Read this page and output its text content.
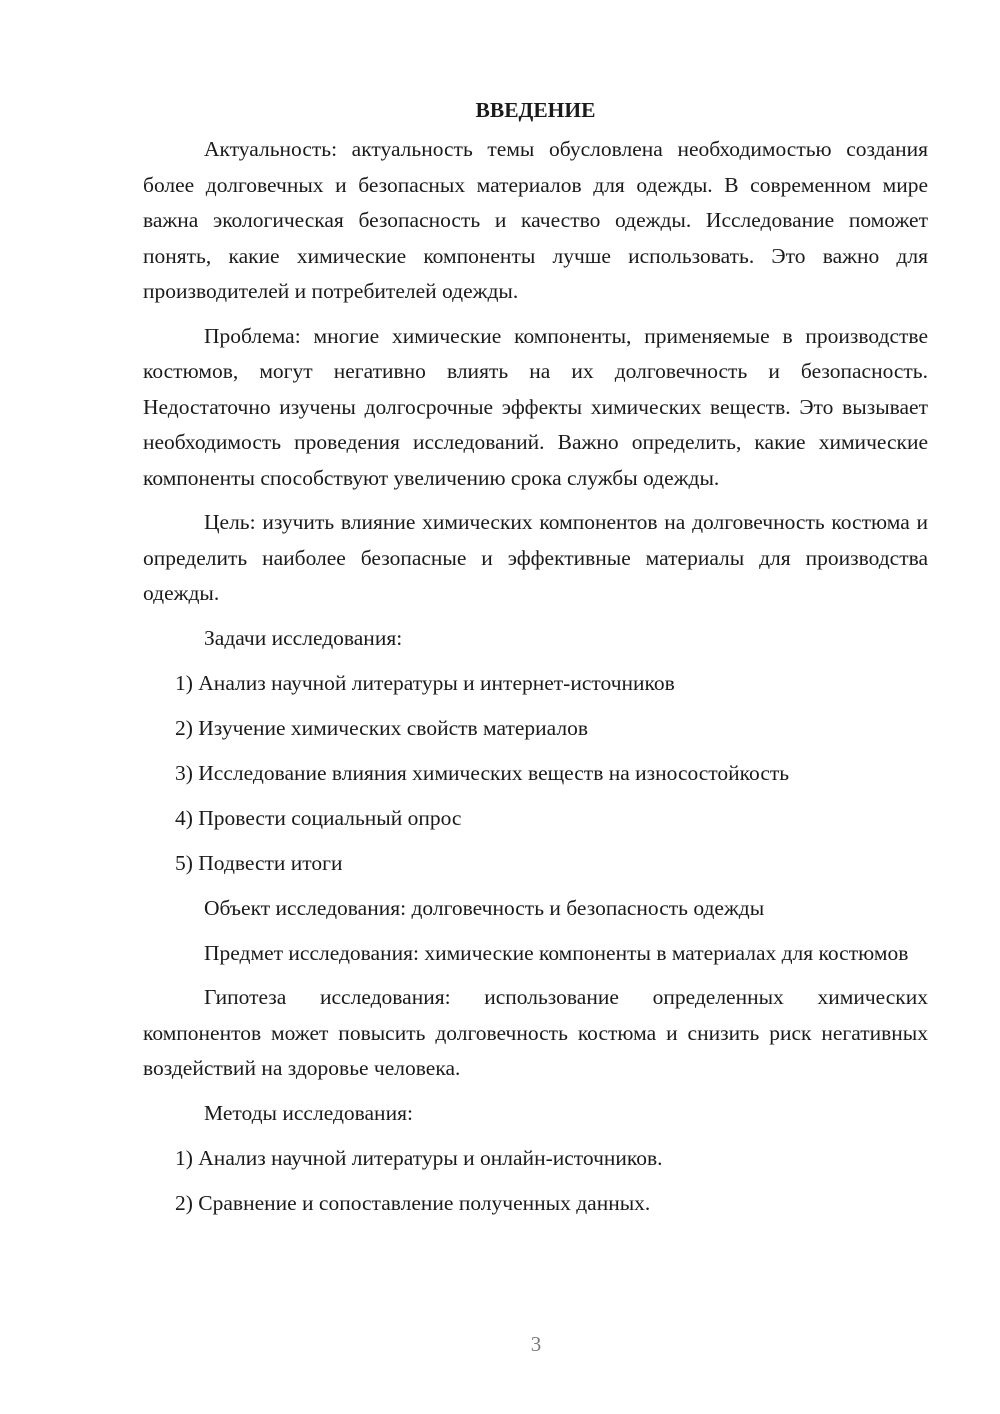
ВВЕДЕНИЕ

Актуальность: актуальность темы обусловлена необходимостью создания более долговечных и безопасных материалов для одежды. В современном мире важна экологическая безопасность и качество одежды. Исследование поможет понять, какие химические компоненты лучше использовать. Это важно для производителей и потребителей одежды.

Проблема: многие химические компоненты, применяемые в производстве костюмов, могут негативно влиять на их долговечность и безопасность. Недостаточно изучены долгосрочные эффекты химических веществ. Это вызывает необходимость проведения исследований. Важно определить, какие химические компоненты способствуют увеличению срока службы одежды.

Цель: изучить влияние химических компонентов на долговечность костюма и определить наиболее безопасные и эффективные материалы для производства одежды.

Задачи исследования:
1) Анализ научной литературы и интернет-источников
2) Изучение химических свойств материалов
3) Исследование влияния химических веществ на износостойкость
4) Провести социальный опрос
5) Подвести итоги
Объект исследования: долговечность и безопасность одежды

Предмет исследования: химические компоненты в материалах для костюмов

Гипотеза исследования: использование определенных химических компонентов может повысить долговечность костюма и снизить риск негативных воздействий на здоровье человека.

Методы исследования:
1) Анализ научной литературы и онлайн-источников.
2) Сравнение и сопоставление полученных данных.
3
